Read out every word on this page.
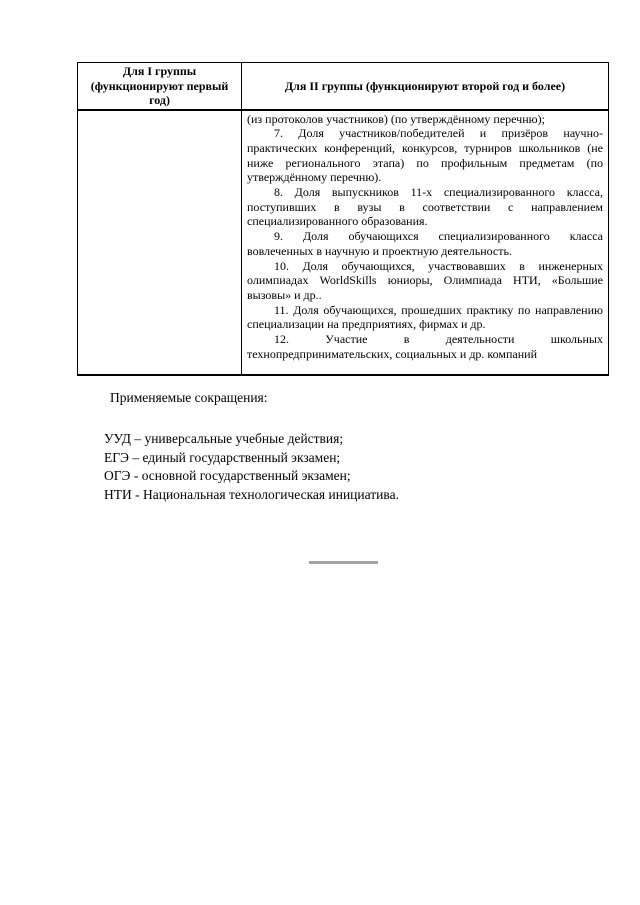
Для I группы (функционируют первый год)	Для II группы (функционируют второй год и более)

(из протоколов участников) (по утверждённому перечню);

7. Доля участников/победителей и призёров научно-практических конференций, конкурсов, турниров школьников (не ниже регионального этапа) по профильным предметам (по утверждённому перечню).

8. Доля выпускников 11-х специализированного класса, поступивших в вузы в соответствии с направлением специализированного образования.

9. Доля обучающихся специализированного класса вовлеченных в научную и проектную деятельность.

10. Доля обучающихся, участвовавших в инженерных олимпиадах WorldSkills юниоры, Олимпиада НТИ, «Большие вызовы» и др..

11. Доля обучающихся, прошедших практику по направлению специализации на предприятиях, фирмах и др.

12. Участие в деятельности школьных технопредпринимательских, социальных и др. компаний

Применяемые сокращения:
УУД – универсальные учебные действия;
ЕГЭ – единый государственный экзамен;
ОГЭ - основной государственный экзамен;
НТИ - Национальная технологическая инициатива.
